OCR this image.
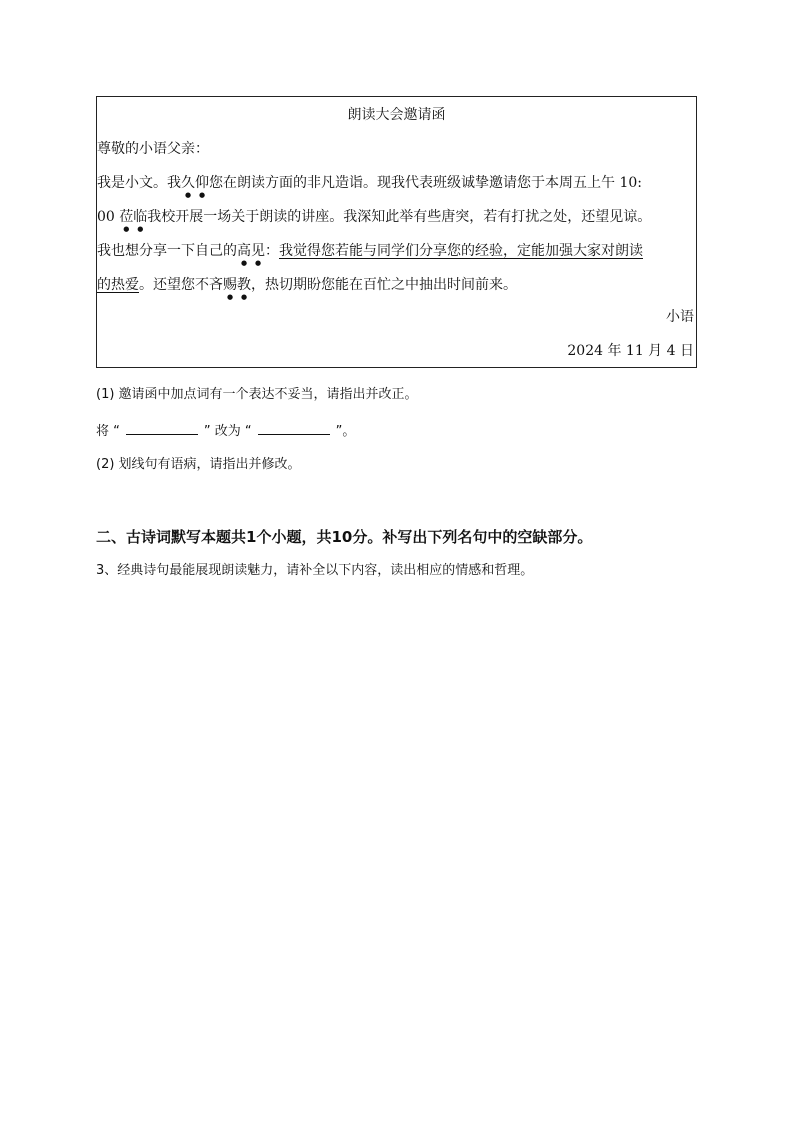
朗读大会邀请函
尊敬的小语父亲：
我是小文。我久仰您在朗读方面的非凡造诣。现我代表班级诚挚邀请您于本周五上午 10:
00 莅临我校开展一场关于朗读的讲座。我深知此举有些唐突，若有打扰之处，还望见谅。
我也想分享一下自己的高见：我觉得您若能与同学们分享您的经验，定能加强大家对朗读
的热爱。还望您不吝赐教，热切期盼您能在百忙之中抽出时间前来。
小语
2024 年 11 月 4 日
(1) 邀请函中加点词有一个表达不妥当，请指出并改正。
将 “	” 改为 “	”。
(2) 划线句有语病，请指出并修改。
二、古诗词默写本题共1个小题，共10分。补写出下列名句中的空缺部分。
3、经典诗句最能展现朗读魅力，请补全以下内容，读出相应的情感和哲理。
